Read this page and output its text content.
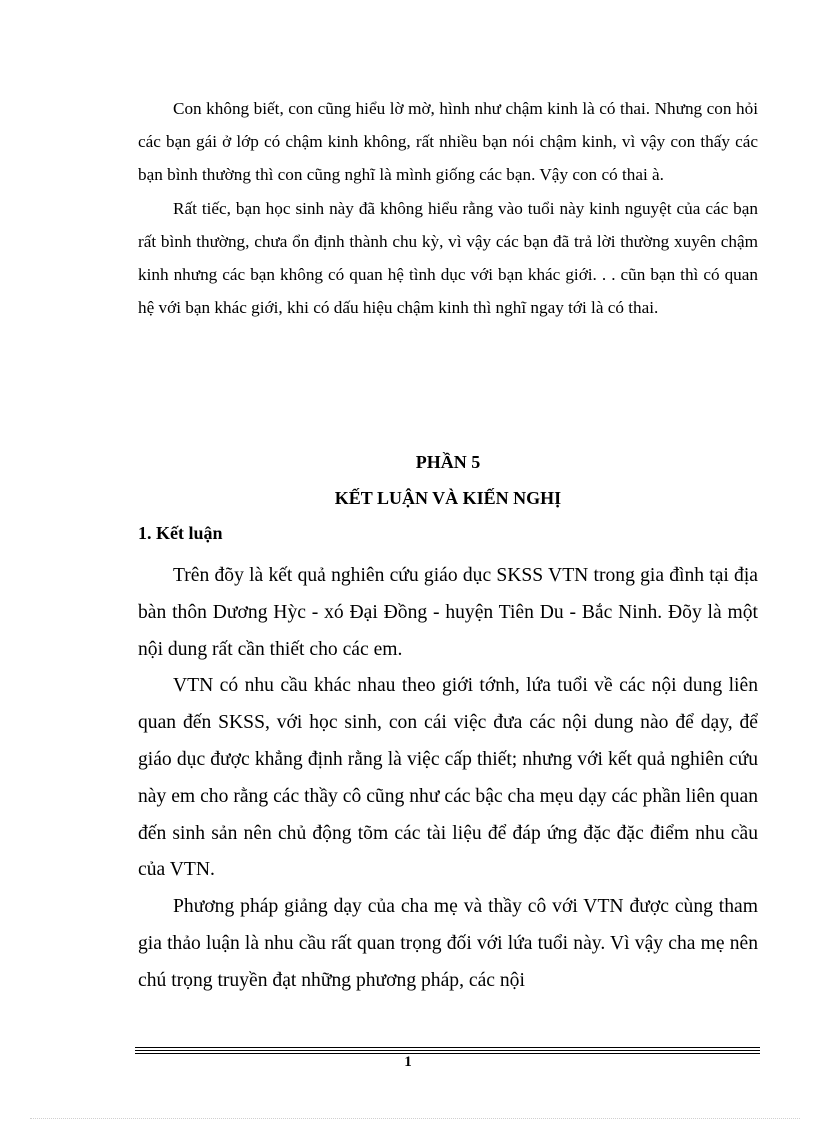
Con không biết, con cũng hiểu lờ mờ, hình như chậm kinh là có thai. Nhưng con hỏi các bạn gái ở lớp có chậm kinh không, rất nhiều bạn nói chậm kinh, vì vậy con thấy các bạn bình thường thì con cũng nghĩ là mình giống các bạn. Vậy con có thai à.

Rất tiếc, bạn học sinh này đã không hiểu rằng vào tuổi này kinh nguyệt của các bạn rất bình thường, chưa ổn định thành chu kỳ, vì vậy các bạn đã trả lời thường xuyên chậm kinh nhưng các bạn không có quan hệ tình dục với bạn khác giới. . . cũn bạn thì có quan hệ với bạn khác giới, khi có dấu hiệu chậm kinh thì nghĩ ngay tới là có thai.

PHẦN 5
KẾT LUẬN VÀ KIẾN NGHỊ
1. Kết luận

Trên đõy là kết quả nghiên cứu giáo dục SKSS VTN trong gia đình tại địa bàn thôn Dương Hỳc - xó Đại Đồng - huyện Tiên Du - Bắc Ninh. Đõy là một nội dung rất cần thiết cho các em.

VTN có nhu cầu khác nhau theo giới tớnh, lứa tuổi về các nội dung liên quan đến SKSS, với học sinh, con cái việc đưa các nội dung nào để dạy, để giáo dục được khẳng định rằng là việc cấp thiết; nhưng với kết quả nghiên cứu này em cho rằng các thầy cô cũng như các bậc cha mẹu dạy các phần liên quan đến sinh sản nên chủ động tõm các tài liệu để đáp ứng đặc đặc điểm nhu cầu của VTN.

Phương pháp giảng dạy của cha mẹ và thầy cô với VTN được cùng tham gia thảo luận là nhu cầu rất quan trọng đối với lứa tuổi này. Vì vậy cha mẹ nên chú trọng truyền đạt những phương pháp, các nội

1
